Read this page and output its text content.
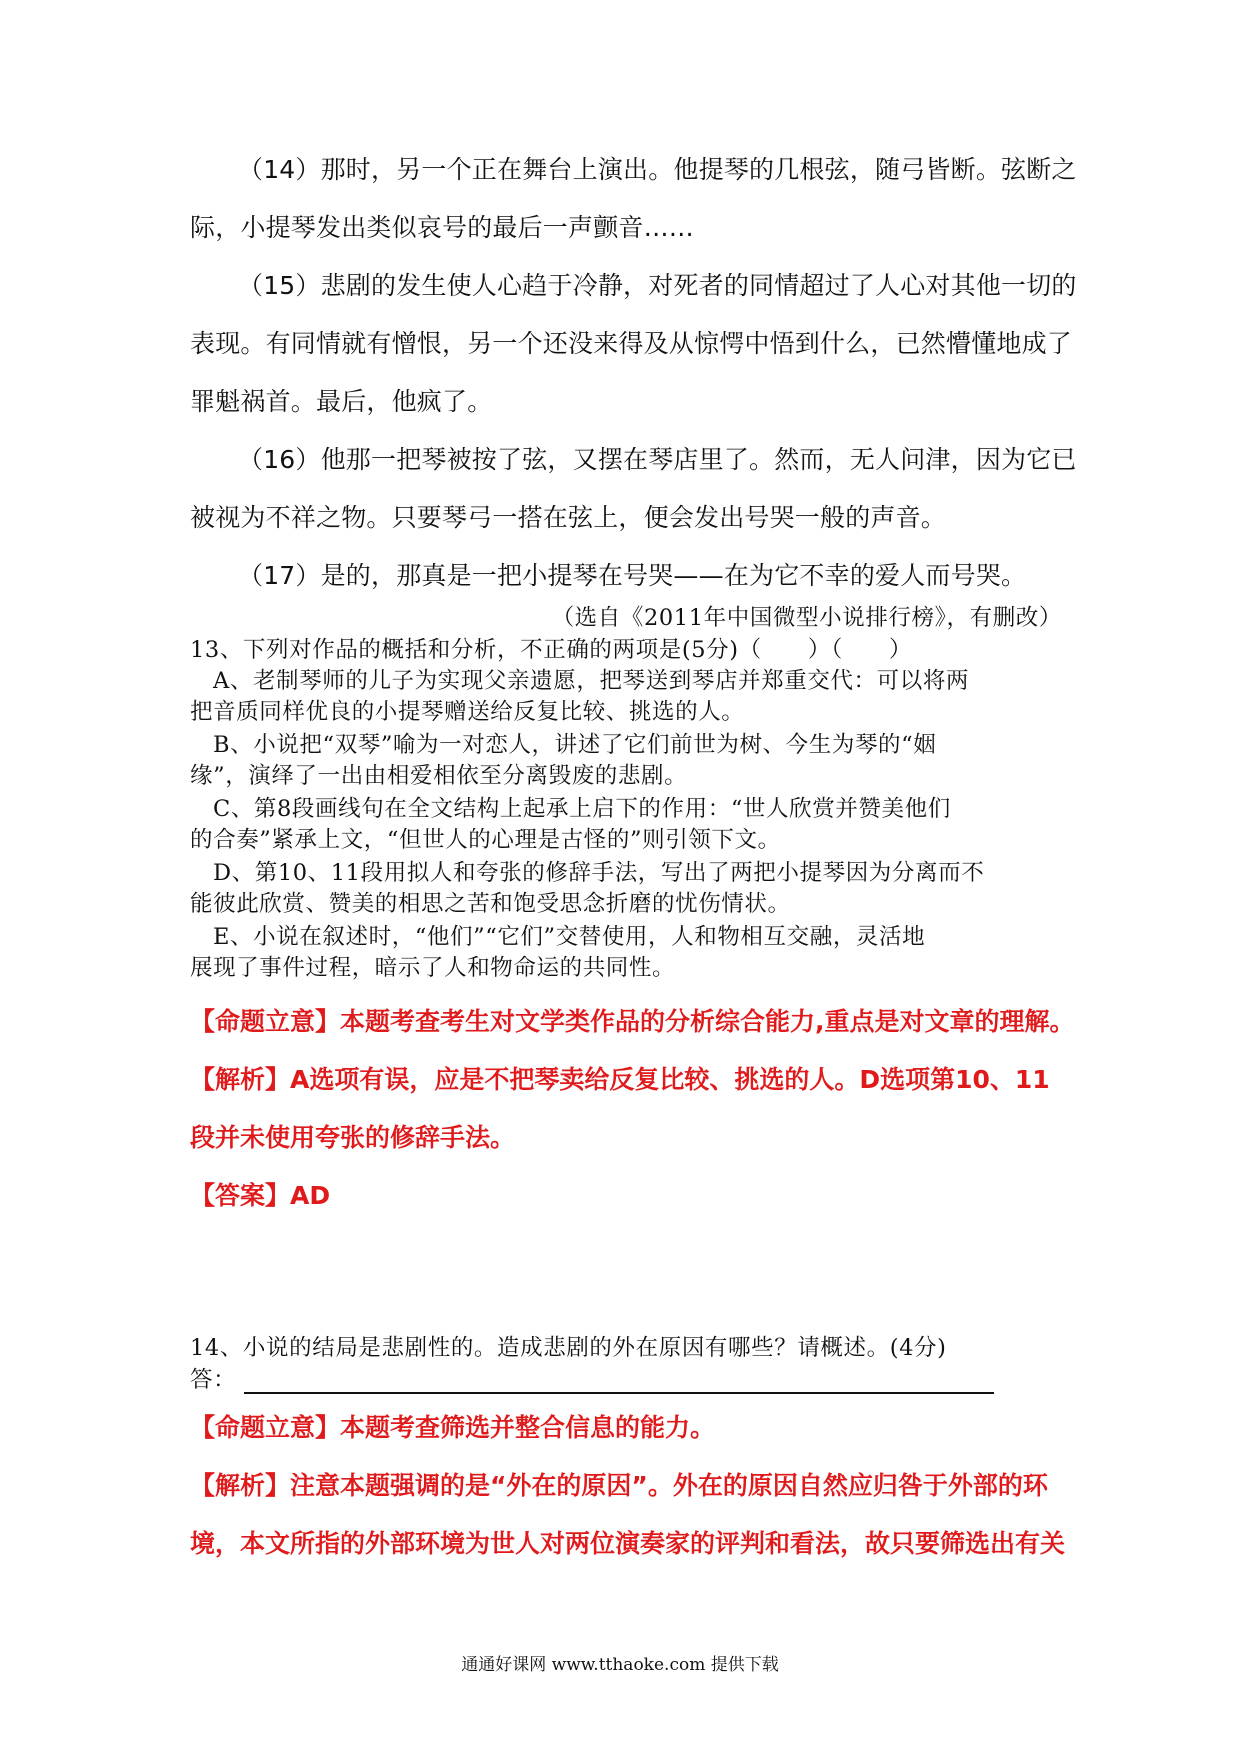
（14）那时，另一个正在舞台上演出。他提琴的几根弦，随弓皆断。弦断之
际，小提琴发出类似哀号的最后一声颤音……
（15）悲剧的发生使人心趋于冷静，对死者的同情超过了人心对其他一切的
表现。有同情就有憎恨，另一个还没来得及从惊愕中悟到什么，已然懵懂地成了
罪魁祸首。最后，他疯了。
（16）他那一把琴被按了弦，又摆在琴店里了。然而，无人问津，因为它已
被视为不祥之物。只要琴弓一搭在弦上，便会发出号哭一般的声音。
（17）是的，那真是一把小提琴在号哭——在为它不幸的爱人而号哭。
（选自《2011年中国微型小说排行榜》，有删改）
13、下列对作品的概括和分析，不正确的两项是(5分)（　　）（　　）
A、老制琴师的儿子为实现父亲遗愿，把琴送到琴店并郑重交代：可以将两
把音质同样优良的小提琴赠送给反复比较、挑选的人。
B、小说把“双琴”喻为一对恋人，讲述了它们前世为树、今生为琴的“姻
缘”，演绎了一出由相爱相依至分离毁废的悲剧。
C、第8段画线句在全文结构上起承上启下的作用：“世人欣赏并赞美他们
的合奏”紧承上文，“但世人的心理是古怪的”则引领下文。
D、第10、11段用拟人和夸张的修辞手法，写出了两把小提琴因为分离而不
能彼此欣赏、赞美的相思之苦和饱受思念折磨的忧伤情状。
E、小说在叙述时，“他们”“它们”交替使用，人和物相互交融，灵活地
展现了事件过程，暗示了人和物命运的共同性。
【命题立意】本题考查考生对文学类作品的分析综合能力,重点是对文章的理解。
【解析】A选项有误，应是不把琴卖给反复比较、挑选的人。D选项第10、11
段并未使用夸张的修辞手法。
【答案】AD
14、小说的结局是悲剧性的。造成悲剧的外在原因有哪些？请概述。(4分)
答：
【命题立意】本题考查筛选并整合信息的能力。
【解析】注意本题强调的是“外在的原因”。外在的原因自然应归咎于外部的环
境，本文所指的外部环境为世人对两位演奏家的评判和看法，故只要筛选出有关
通通好课网 www.tthaoke.com 提供下载
